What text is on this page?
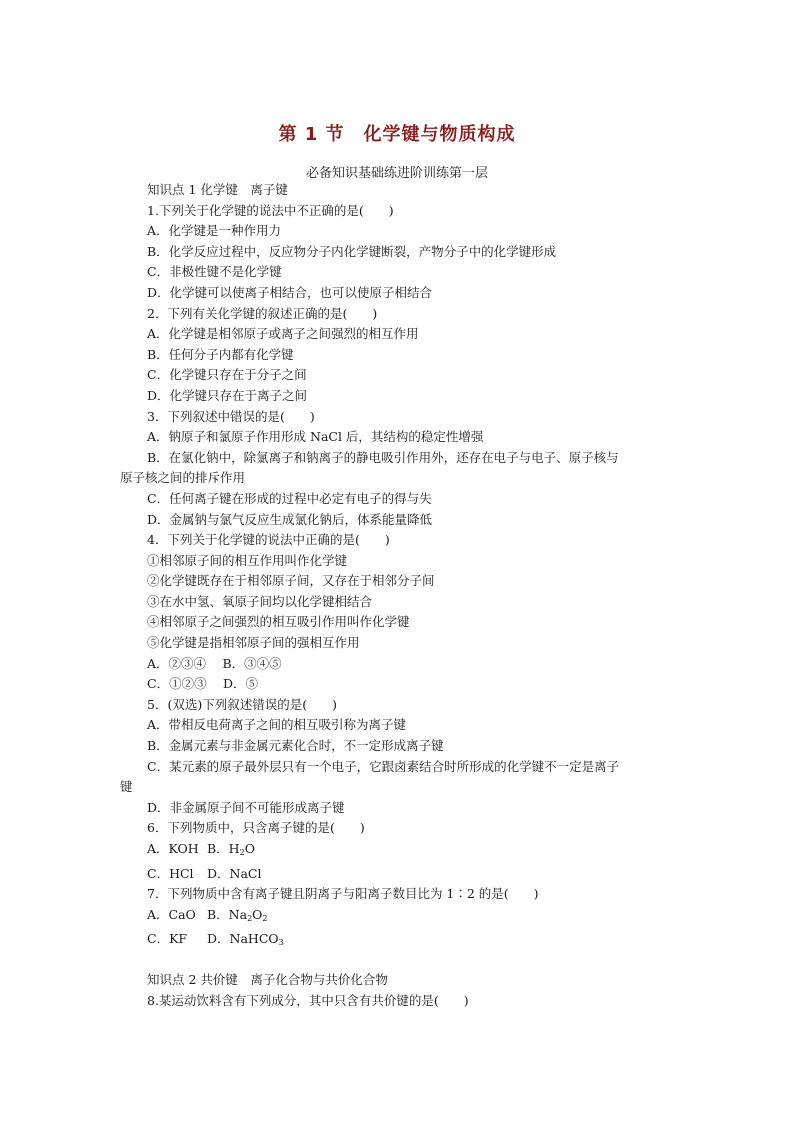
第 1 节　化学键与物质构成
必备知识基础练进阶训练第一层
知识点 1 化学键　离子键
1.下列关于化学键的说法中不正确的是(　　)
A．化学键是一种作用力
B．化学反应过程中，反应物分子内化学键断裂，产物分子中的化学键形成
C．非极性键不是化学键
D．化学键可以使离子相结合，也可以使原子相结合
2．下列有关化学键的叙述正确的是(　　)
A．化学键是相邻原子或离子之间强烈的相互作用
B．任何分子内都有化学键
C．化学键只存在于分子之间
D．化学键只存在于离子之间
3．下列叙述中错误的是(　　)
A．钠原子和氯原子作用形成 NaCl 后，其结构的稳定性增强
B．在氯化钠中，除氯离子和钠离子的静电吸引作用外，还存在电子与电子、原子核与
原子核之间的排斥作用
C．任何离子键在形成的过程中必定有电子的得与失
D．金属钠与氯气反应生成氯化钠后，体系能量降低
4．下列关于化学键的说法中正确的是(　　)
①相邻原子间的相互作用叫作化学键
②化学键既存在于相邻原子间，又存在于相邻分子间
③在水中氢、氧原子间均以化学键相结合
④相邻原子之间强烈的相互吸引作用叫作化学键
⑤化学键是指相邻原子间的强相互作用
A．②③④　 B．③④⑤
C．①②③　 D．⑤
5．(双选)下列叙述错误的是(　　)
A．带相反电荷离子之间的相互吸引称为离子键
B．金属元素与非金属元素化合时，不一定形成离子键
C．某元素的原子最外层只有一个电子，它跟卤素结合时所形成的化学键不一定是离子
键
D．非金属原子间不可能形成离子键
6．下列物质中，只含离子键的是(　　)
A．KOH B．$H_2O$
C．HCl D．NaCl
7．下列物质中含有离子键且阴离子与阳离子数目比为 1∶2 的是(　　)
A．CaO B．$Na_2O_2$
C．KF D．NaHCO$_3$
知识点 2 共价键　离子化合物与共价化合物
8.某运动饮料含有下列成分，其中只含有共价键的是(　　)
